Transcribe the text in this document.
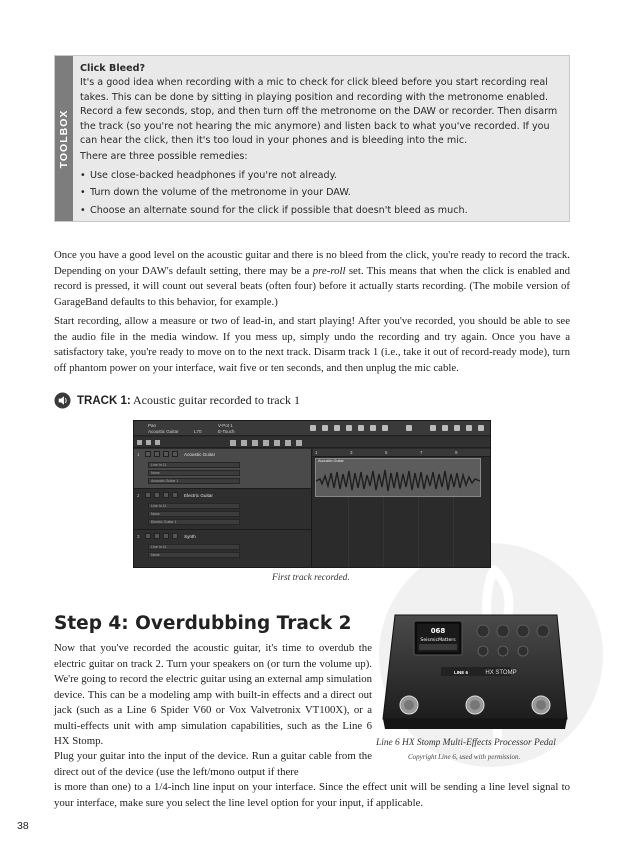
TOOLBOX
Click Bleed?

It's a good idea when recording with a mic to check for click bleed before you start recording real takes. This can be done by sitting in playing position and recording with the metronome enabled. Record a few seconds, stop, and then turn off the metronome on the DAW or recorder. Then disarm the track (so you're not hearing the mic anymore) and listen back to what you've recorded. If you can hear the click, then it's too loud in your phones and is bleeding into the mic.

There are three possible remedies:

• Use close-backed headphones if you're not already.
• Turn down the volume of the metronome in your DAW.
• Choose an alternate sound for the click if possible that doesn't bleed as much.

Once you have a good level on the acoustic guitar and there is no bleed from the click, you're ready to record the track. Depending on your DAW's default setting, there may be a pre-roll set. This means that when the click is enabled and record is pressed, it will count out several beats (often four) before it actually starts recording. (The mobile version of GarageBand defaults to this behavior, for example.)

Start recording, allow a measure or two of lead-in, and start playing! After you've recorded, you should be able to see the audio file in the media window. If you mess up, simply undo the recording and try again. Once you have a satisfactory take, you're ready to move on to the next track. Disarm track 1 (i.e., take it out of record-ready mode), turn off phantom power on your interface, wait five or ten seconds, and then unplug the mic cable.

TRACK 1: Acoustic guitar recorded to track 1
Pan
Acoustic Guitar	L70
V-Pot 1
E-Touch
1	Acoustic Guitar
Line In 11
None
Acoustic Guitar 1
2	Electric Guitar
Line In 11
None
Electric Guitar 1
3	Synth
Line In 11
None
1	3	5	7	9
Acoustic Guitar
First track recorded.
Step 4: Overdubbing Track 2

Now that you've recorded the acoustic guitar, it's time to overdub the electric guitar on track 2. Turn your speakers on (or turn the volume up). We're going to record the electric guitar using an external amp simulation device. This can be a modeling amp with built-in effects and a direct out jack (such as a Line 6 Spider V60 or Vox Valvetronix VT100X), or a multi-effects unit with amp simulation capabilities, such as the Line 6 HX Stomp.

Plug your guitar into the input of the device. Run a guitar cable from the direct out of the device (use the left/mono output if there

is more than one) to a 1/4-inch line input on your interface. Since the effect unit will be sending a line level signal to your interface, make sure you select the line level option for your input, if applicable.

068
SeismicMatters
LINE 6	HX STOMP
Line 6 HX Stomp Multi-Effects Processor Pedal
Copyright Line 6, used with permission.
38
